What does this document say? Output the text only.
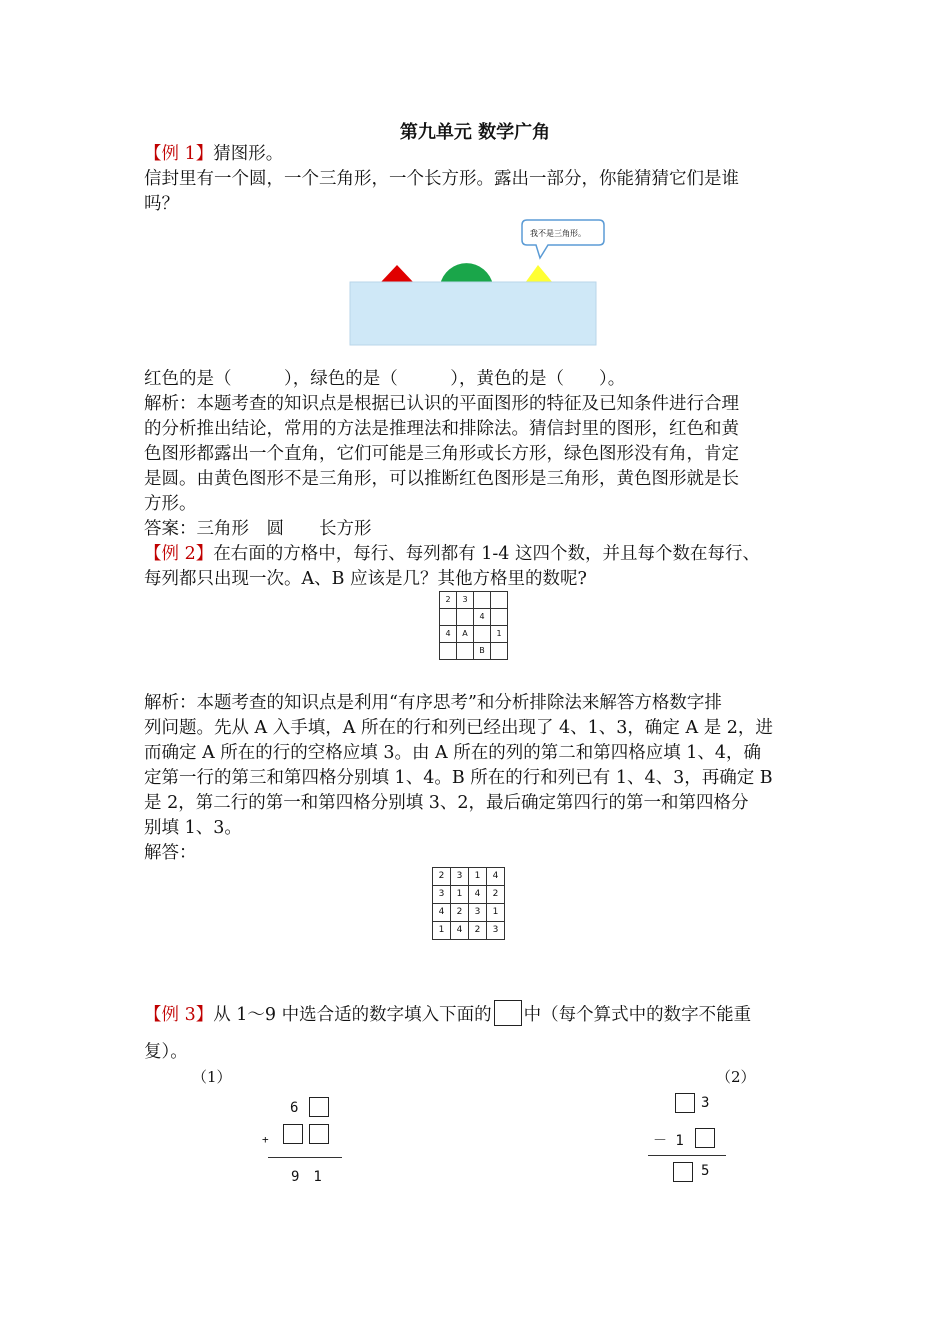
第九单元 数学广角
【例 1】猜图形。
信封里有一个圆，一个三角形，一个长方形。露出一部分，你能猜猜它们是谁
吗？
我不是三角形。
红色的是（　　　），绿色的是（　　　），黄色的是（　　）。
解析：本题考查的知识点是根据已认识的平面图形的特征及已知条件进行合理
的分析推出结论，常用的方法是推理法和排除法。猜信封里的图形，红色和黄
色图形都露出一个直角，它们可能是三角形或长方形，绿色图形没有角，肯定
是圆。由黄色图形不是三角形，可以推断红色图形是三角形，黄色图形就是长
方形。
答案：三角形　圆　　长方形
【例 2】在右面的方格中，每行、每列都有 1-4 这四个数，并且每个数在每行、
每列都只出现一次。A、B 应该是几？其他方格里的数呢?
2	3		
		4	
4	A		1
		B	
解析：本题考查的知识点是利用“有序思考”和分析排除法来解答方格数字排
列问题。先从 A 入手填，A 所在的行和列已经出现了 4、1、3，确定 A 是 2，进
而确定 A 所在的行的空格应填 3。由 A 所在的列的第二和第四格应填 1、4，确
定第一行的第三和第四格分别填 1、4。B 所在的行和列已有 1、4、3，再确定 B
是 2，第二行的第一和第四格分别填 3、2，最后确定第四行的第一和第四格分
别填 1、3。
解答：
2	3	1	4
3	1	4	2
4	2	3	1
1	4	2	3
【例 3】从 1～9 中选合适的数字填入下面的 中（每个算式中的数字不能重
复）。
（1）
6
+
9　1
（2）
3
－ 1
5
